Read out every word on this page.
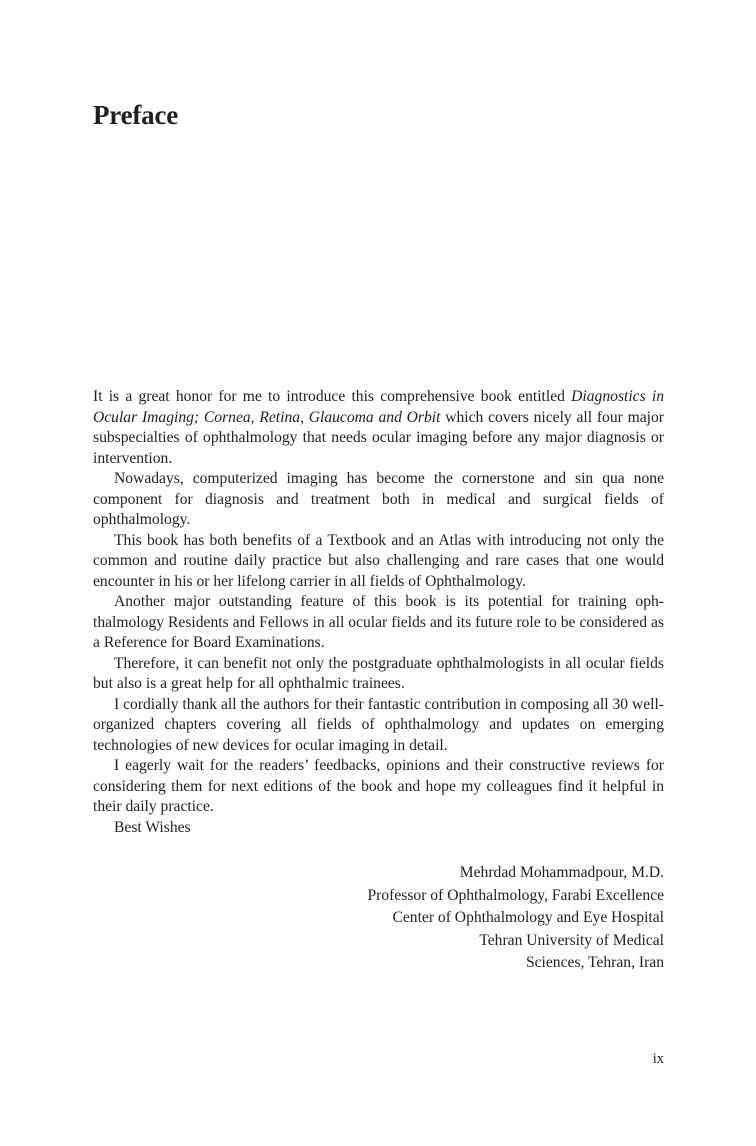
Preface

It is a great honor for me to introduce this comprehensive book entitled Diagnostics in Ocular Imaging; Cornea, Retina, Glaucoma and Orbit which covers nicely all four major subspecialties of ophthalmology that needs ocular imaging before any major diagnosis or intervention.

Nowadays, computerized imaging has become the cornerstone and sin qua none component for diagnosis and treatment both in medical and surgical fields of ophthalmology.

This book has both benefits of a Textbook and an Atlas with introducing not only the common and routine daily practice but also challenging and rare cases that one would encounter in his or her lifelong carrier in all fields of Ophthalmology.

Another major outstanding feature of this book is its potential for training ophthalmology Residents and Fellows in all ocular fields and its future role to be considered as a Reference for Board Examinations.

Therefore, it can benefit not only the postgraduate ophthalmologists in all ocular fields but also is a great help for all ophthalmic trainees.

I cordially thank all the authors for their fantastic contribution in composing all 30 well-organized chapters covering all fields of ophthalmology and updates on emerging technologies of new devices for ocular imaging in detail.

I eagerly wait for the readers’ feedbacks, opinions and their constructive reviews for considering them for next editions of the book and hope my colleagues find it helpful in their daily practice.

Best Wishes

Mehrdad Mohammadpour, M.D.
Professor of Ophthalmology, Farabi Excellence
Center of Ophthalmology and Eye Hospital
Tehran University of Medical
Sciences, Tehran, Iran
ix
